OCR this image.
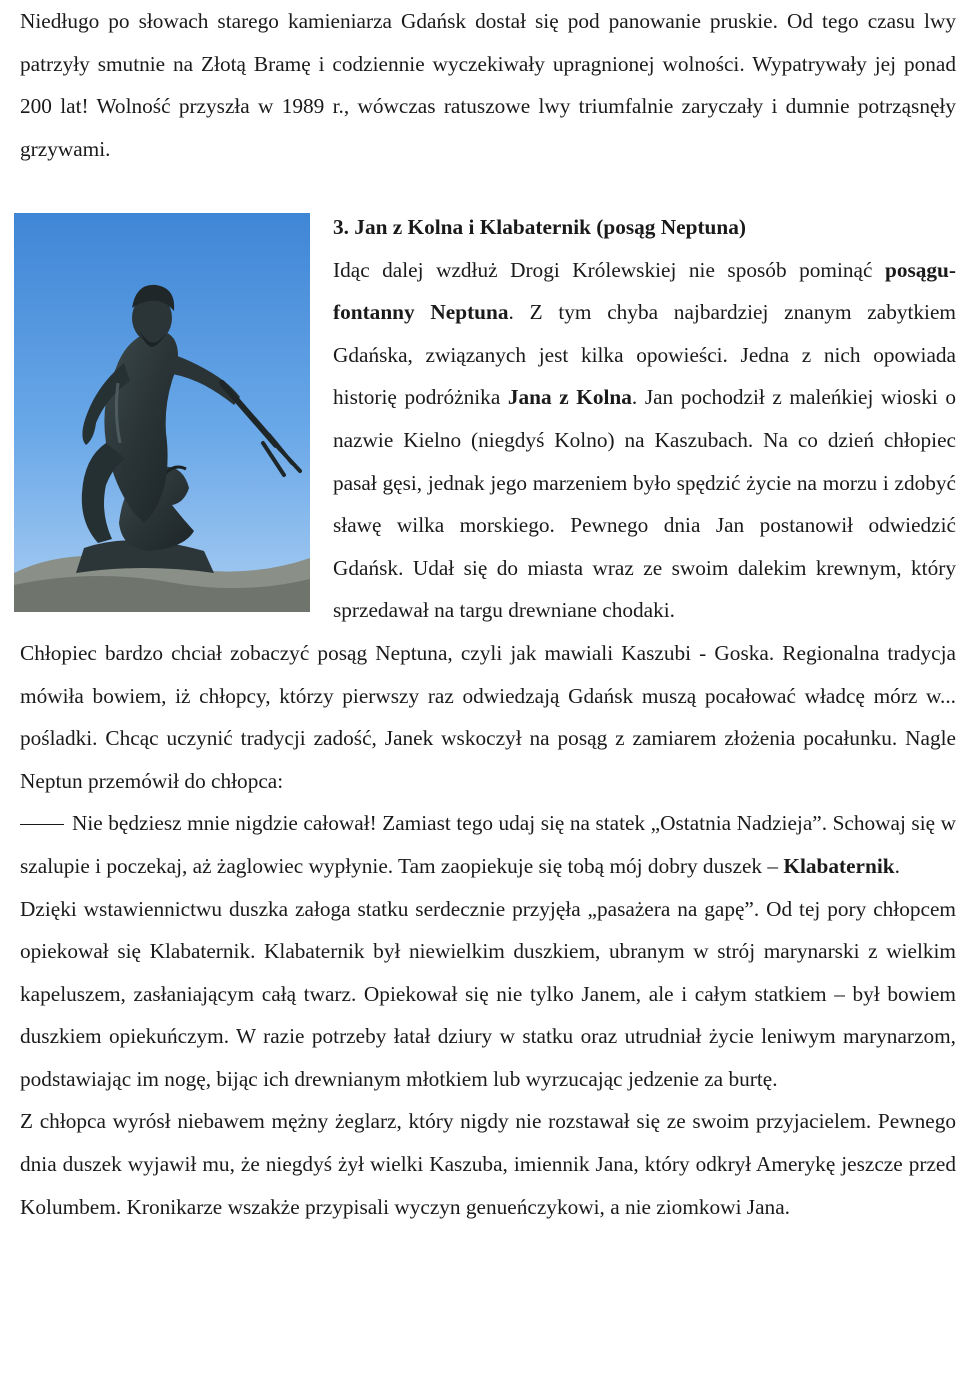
Niedługo po słowach starego kamieniarza Gdańsk dostał się pod panowanie pruskie. Od tego czasu lwy patrzyły smutnie na Złotą Bramę i codziennie wyczekiwały upragnionej wolności. Wypatrywały jej ponad 200 lat! Wolność przyszła w 1989 r., wówczas ratuszowe lwy triumfalnie zaryczały i dumnie potrząsnęły grzywami.

3. Jan z Kolna i Klabaternik (posąg Neptuna)

Idąc dalej wzdłuż Drogi Królewskiej nie sposób pominąć posągu-fontanny Neptuna. Z tym chyba najbardziej znanym zabytkiem Gdańska, związanych jest kilka opowieści. Jedna z nich opowiada historię podróżnika Jana z Kolna. Jan pochodził z maleńkiej wioski o nazwie Kielno (niegdyś Kolno) na Kaszubach. Na co dzień chłopiec pasał gęsi, jednak jego marzeniem było spędzić życie na morzu i zdobyć sławę wilka morskiego. Pewnego dnia Jan postanowił odwiedzić Gdańsk. Udał się do miasta wraz ze swoim dalekim krewnym, który sprzedawał na targu drewniane chodaki.

Chłopiec bardzo chciał zobaczyć posąg Neptuna, czyli jak mawiali Kaszubi - Goska. Regionalna tradycja mówiła bowiem, iż chłopcy, którzy pierwszy raz odwiedzają Gdańsk muszą pocałować władcę mórz w... pośladki. Chcąc uczynić tradycji zadość, Janek wskoczył na posąg z zamiarem złożenia pocałunku. Nagle Neptun przemówił do chłopca:

Nie będziesz mnie nigdzie całował! Zamiast tego udaj się na statek „Ostatnia Nadzieja”. Schowaj się w szalupie i poczekaj, aż żaglowiec wypłynie. Tam zaopiekuje się tobą mój dobry duszek – Klabaternik.

Dzięki wstawiennictwu duszka załoga statku serdecznie przyjęła „pasażera na gapę”. Od tej pory chłopcem opiekował się Klabaternik. Klabaternik był niewielkim duszkiem, ubranym w strój marynarski z wielkim kapeluszem, zasłaniającym całą twarz. Opiekował się nie tylko Janem, ale i całym statkiem – był bowiem duszkiem opiekuńczym. W razie potrzeby łatał dziury w statku oraz utrudniał życie leniwym marynarzom, podstawiając im nogę, bijąc ich drewnianym młotkiem lub wyrzucając jedzenie za burtę.

Z chłopca wyrósł niebawem mężny żeglarz, który nigdy nie rozstawał się ze swoim przyjacielem. Pewnego dnia duszek wyjawił mu, że niegdyś żył wielki Kaszuba, imiennik Jana, który odkrył Amerykę jeszcze przed Kolumbem. Kronikarze wszakże przypisali wyczyn genueńczykowi, a nie ziomkowi Jana.
